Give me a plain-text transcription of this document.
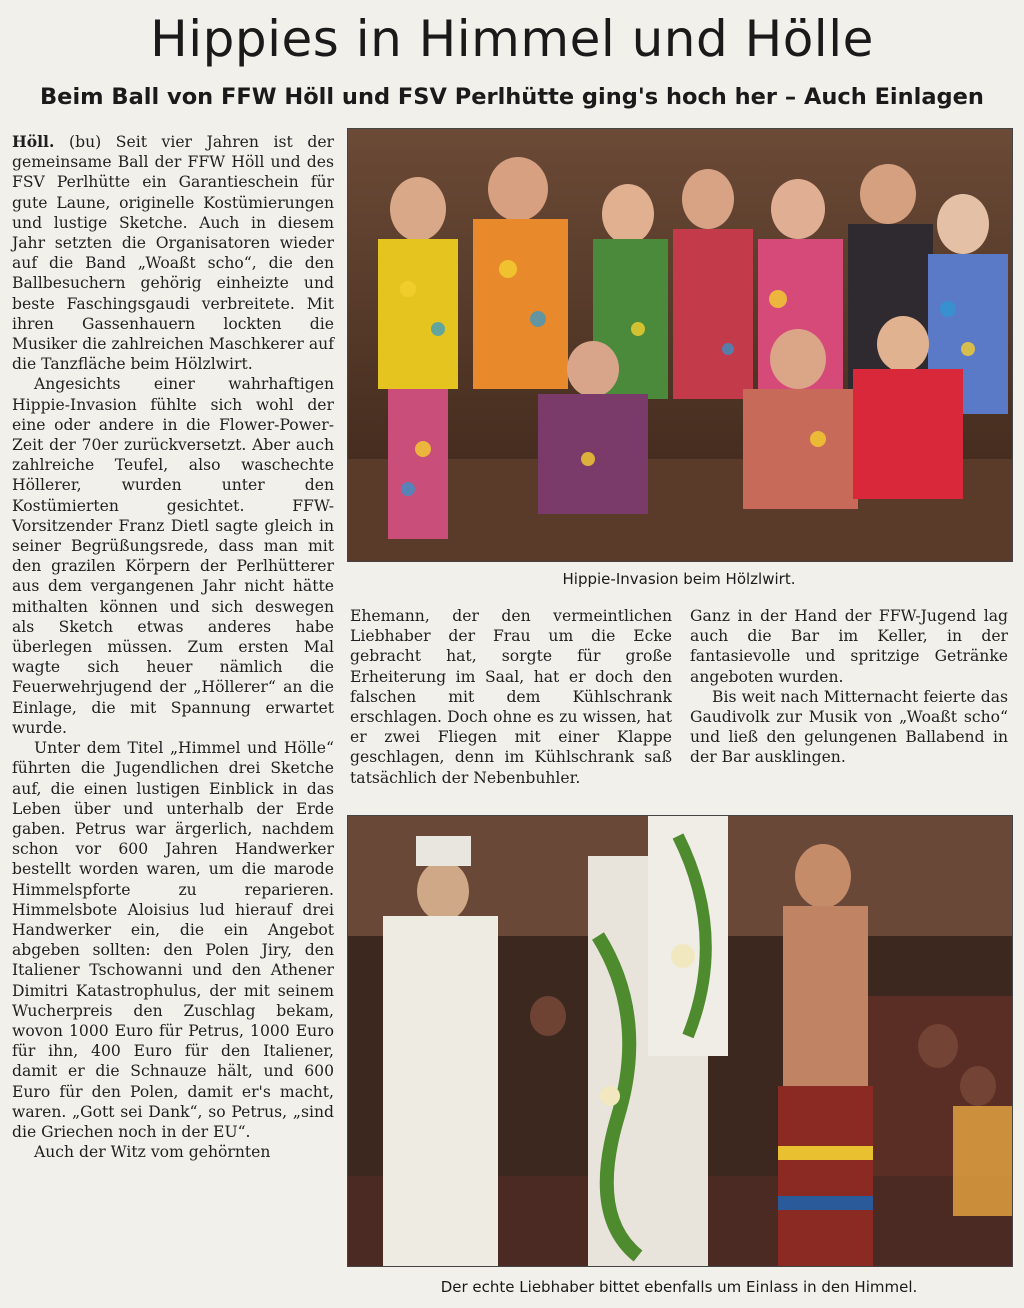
Hippies in Himmel und Hölle
Beim Ball von FFW Höll und FSV Perlhütte ging's hoch her – Auch Einlagen

Höll. (bu) Seit vier Jahren ist der gemeinsame Ball der FFW Höll und des FSV Perlhütte ein Garantieschein für gute Laune, originelle Kostümierungen und lustige Sketche. Auch in diesem Jahr setzten die Organisatoren wieder auf die Band „Woaßt scho“, die den Ballbesuchern gehörig einheizte und beste Faschingsgaudi verbreitete. Mit ihren Gassenhauern lockten die Musiker die zahlreichen Maschkerer auf die Tanzfläche beim Hölzlwirt.

Angesichts einer wahrhaftigen Hippie-Invasion fühlte sich wohl der eine oder andere in die Flower-Power-Zeit der 70er zurückversetzt. Aber auch zahlreiche Teufel, also waschechte Höllerer, wurden unter den Kostümierten gesichtet. FFW-Vorsitzender Franz Dietl sagte gleich in seiner Begrüßungsrede, dass man mit den grazilen Körpern der Perlhütterer aus dem vergangenen Jahr nicht hätte mithalten können und sich deswegen als Sketch etwas anderes habe überlegen müssen. Zum ersten Mal wagte sich heuer nämlich die Feuerwehrjugend der „Höllerer“ an die Einlage, die mit Spannung erwartet wurde.

Unter dem Titel „Himmel und Hölle“ führten die Jugendlichen drei Sketche auf, die einen lustigen Einblick in das Leben über und unterhalb der Erde gaben. Petrus war ärgerlich, nachdem schon vor 600 Jahren Handwerker bestellt worden waren, um die marode Himmelspforte zu reparieren. Himmelsbote Aloisius lud hierauf drei Handwerker ein, die ein Angebot abgeben sollten: den Polen Jiry, den Italiener Tschowanni und den Athener Dimitri Katastrophulus, der mit seinem Wucherpreis den Zuschlag bekam, wovon 1000 Euro für Petrus, 1000 Euro für ihn, 400 Euro für den Italiener, damit er die Schnauze hält, und 600 Euro für den Polen, damit er's macht, waren. „Gott sei Dank“, so Petrus, „sind die Griechen noch in der EU“.

Auch der Witz vom gehörnten

Hippie-Invasion beim Hölzlwirt.

Ehemann, der den vermeintlichen Liebhaber der Frau um die Ecke gebracht hat, sorgte für große Erheiterung im Saal, hat er doch den falschen mit dem Kühlschrank erschlagen. Doch ohne es zu wissen, hat er zwei Fliegen mit einer Klappe geschlagen, denn im Kühlschrank saß tatsächlich der Nebenbuhler.

Ganz in der Hand der FFW-Jugend lag auch die Bar im Keller, in der fantasievolle und spritzige Getränke angeboten wurden.

Bis weit nach Mitternacht feierte das Gaudivolk zur Musik von „Woaßt scho“ und ließ den gelungenen Ballabend in der Bar ausklingen.

Der echte Liebhaber bittet ebenfalls um Einlass in den Himmel.
